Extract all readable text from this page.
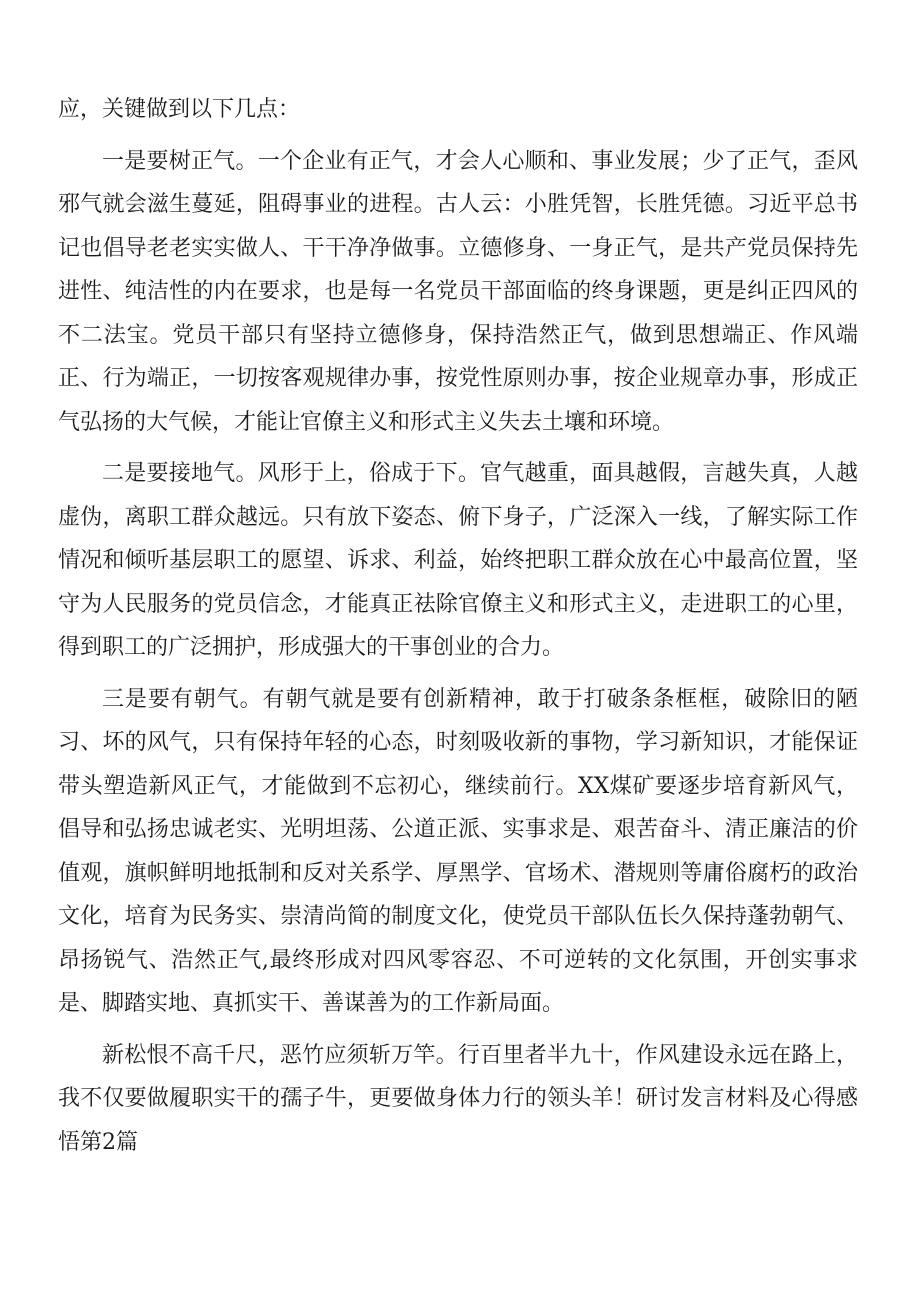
应，关键做到以下几点：

一是要树正气。一个企业有正气，才会人心顺和、事业发展；少了正气，歪风邪气就会滋生蔓延，阻碍事业的进程。古人云：小胜凭智，长胜凭德。习近平总书记也倡导老老实实做人、干干净净做事。立德修身、一身正气，是共产党员保持先进性、纯洁性的内在要求，也是每一名党员干部面临的终身课题，更是纠正四风的不二法宝。党员干部只有坚持立德修身，保持浩然正气，做到思想端正、作风端正、行为端正，一切按客观规律办事，按党性原则办事，按企业规章办事，形成正气弘扬的大气候，才能让官僚主义和形式主义失去土壤和环境。

二是要接地气。风形于上，俗成于下。官气越重，面具越假，言越失真，人越虚伪，离职工群众越远。只有放下姿态、俯下身子，广泛深入一线，了解实际工作情况和倾听基层职工的愿望、诉求、利益，始终把职工群众放在心中最高位置，坚守为人民服务的党员信念，才能真正祛除官僚主义和形式主义，走进职工的心里，得到职工的广泛拥护，形成强大的干事创业的合力。

三是要有朝气。有朝气就是要有创新精神，敢于打破条条框框，破除旧的陋习、坏的风气，只有保持年轻的心态，时刻吸收新的事物，学习新知识，才能保证带头塑造新风正气，才能做到不忘初心，继续前行。XX煤矿要逐步培育新风气，倡导和弘扬忠诚老实、光明坦荡、公道正派、实事求是、艰苦奋斗、清正廉洁的价值观，旗帜鲜明地抵制和反对关系学、厚黑学、官场术、潜规则等庸俗腐朽的政治文化，培育为民务实、崇清尚简的制度文化，使党员干部队伍长久保持蓬勃朝气、昂扬锐气、浩然正气,最终形成对四风零容忍、不可逆转的文化氛围，开创实事求是、脚踏实地、真抓实干、善谋善为的工作新局面。

新松恨不高千尺，恶竹应须斩万竿。行百里者半九十，作风建设永远在路上，我不仅要做履职实干的孺子牛，更要做身体力行的领头羊！研讨发言材料及心得感悟第2篇
